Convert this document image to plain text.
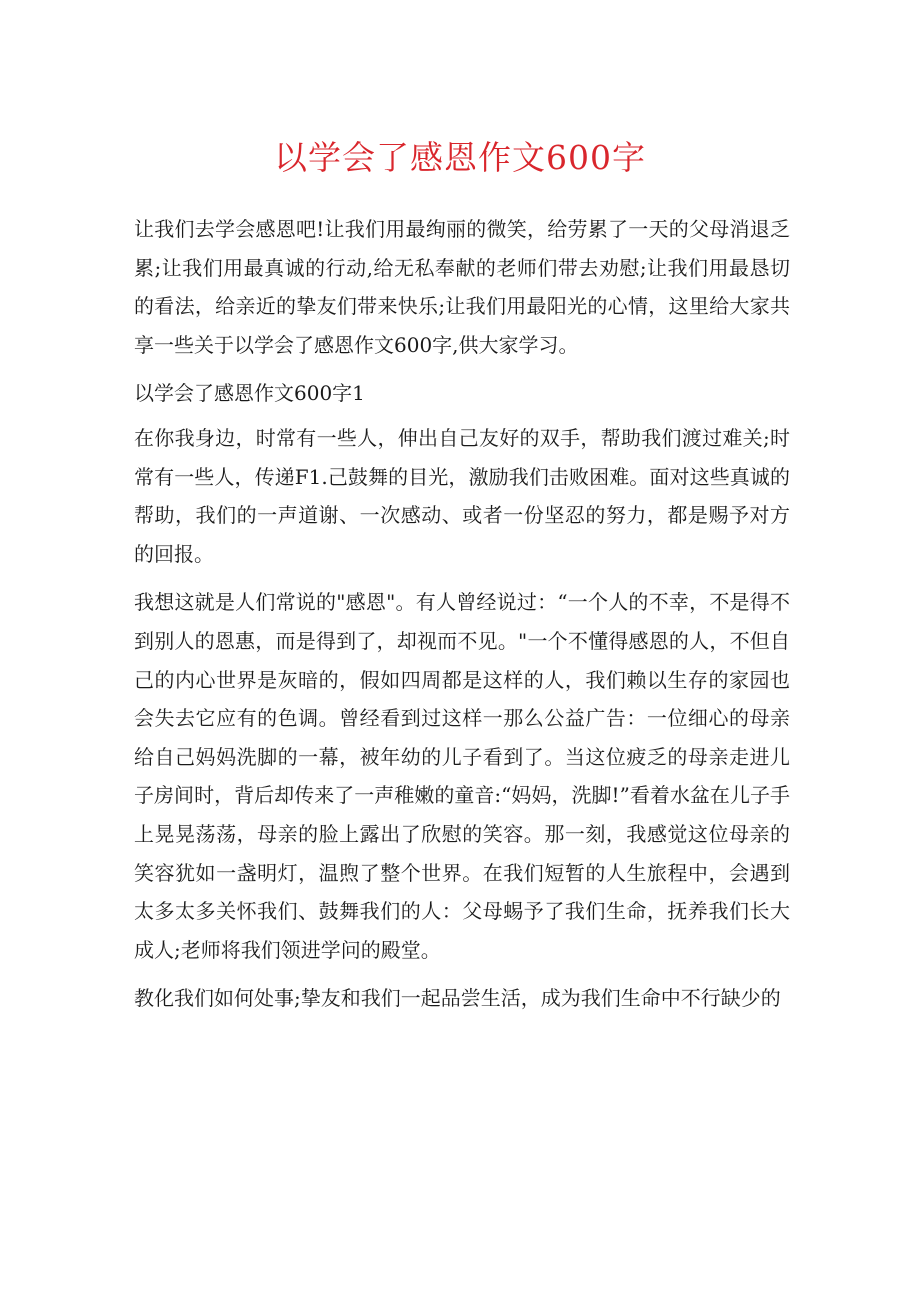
以学会了感恩作文600字

让我们去学会感恩吧!让我们用最绚丽的微笑，给劳累了一天的父母消退乏累;让我们用最真诚的行动,给无私奉献的老师们带去劝慰;让我们用最恳切的看法，给亲近的挚友们带来快乐;让我们用最阳光的心情，这里给大家共享一些关于以学会了感恩作文600字,供大家学习。

以学会了感恩作文600字1

在你我身边，时常有一些人，伸出自己友好的双手，帮助我们渡过难关;时常有一些人，传递F1.己鼓舞的目光，激励我们击败困难。面对这些真诚的帮助，我们的一声道谢、一次感动、或者一份坚忍的努力，都是赐予对方的回报。

我想这就是人们常说的"感恩"。有人曾经说过：“一个人的不幸，不是得不到别人的恩惠，而是得到了，却视而不见。"一个不懂得感恩的人，不但自己的内心世界是灰暗的，假如四周都是这样的人，我们赖以生存的家园也会失去它应有的色调。曾经看到过这样一那么公益广告：一位细心的母亲给自己妈妈洗脚的一幕，被年幼的儿子看到了。当这位疲乏的母亲走进儿子房间时，背后却传来了一声稚嫩的童音:“妈妈，洗脚!”看着水盆在儿子手上晃晃荡荡，母亲的脸上露出了欣慰的笑容。那一刻，我感觉这位母亲的笑容犹如一盏明灯，温煦了整个世界。在我们短暂的人生旅程中，会遇到太多太多关怀我们、鼓舞我们的人：父母蜴予了我们生命，抚养我们长大成人;老师将我们领进学问的殿堂。

教化我们如何处事;挚友和我们一起品尝生活，成为我们生命中不行缺少的
